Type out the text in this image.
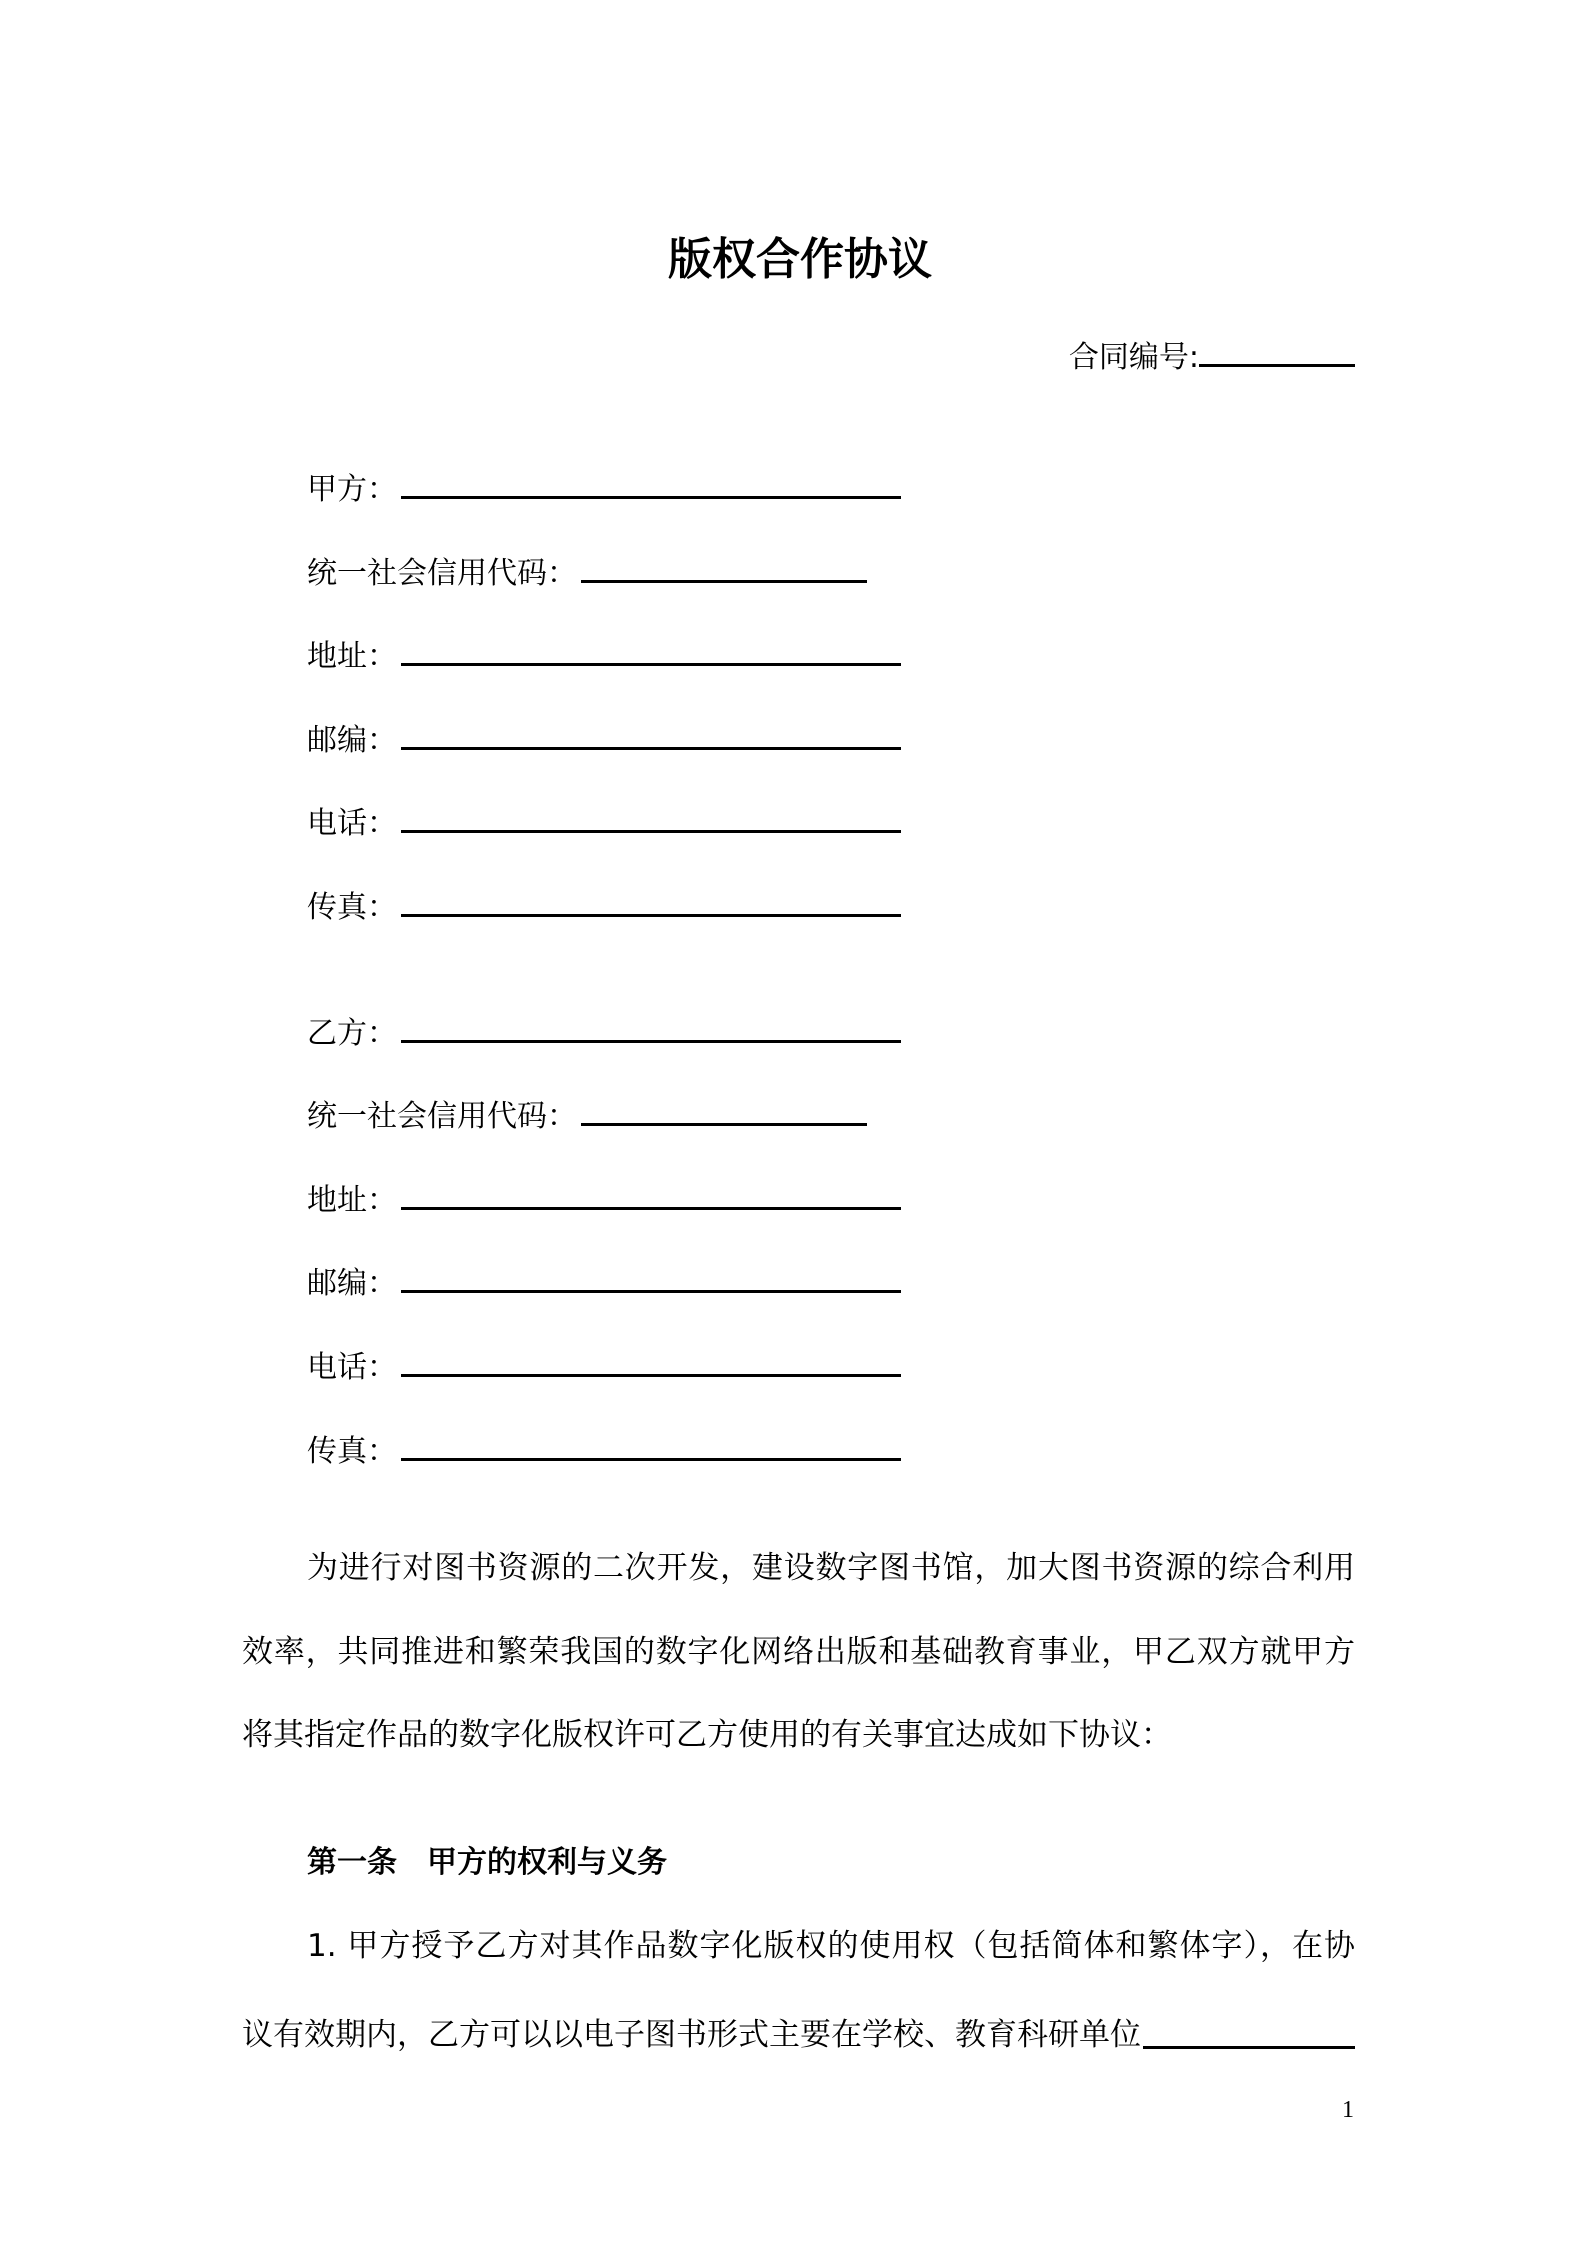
版权合作协议
合同编号:
甲方：
统一社会信用代码：
地址：
邮编：
电话：
传真：
乙方：
统一社会信用代码：
地址：
邮编：
电话：
传真：
为进行对图书资源的二次开发，建设数字图书馆，加大图书资源的综合利用
效率，共同推进和繁荣我国的数字化网络出版和基础教育事业，甲乙双方就甲方
将其指定作品的数字化版权许可乙方使用的有关事宜达成如下协议：
第一条　甲方的权利与义务
1. 甲方授予乙方对其作品数字化版权的使用权（包括简体和繁体字），在协
议有效期内，乙方可以以电子图书形式主要在学校、教育科研单位
1
